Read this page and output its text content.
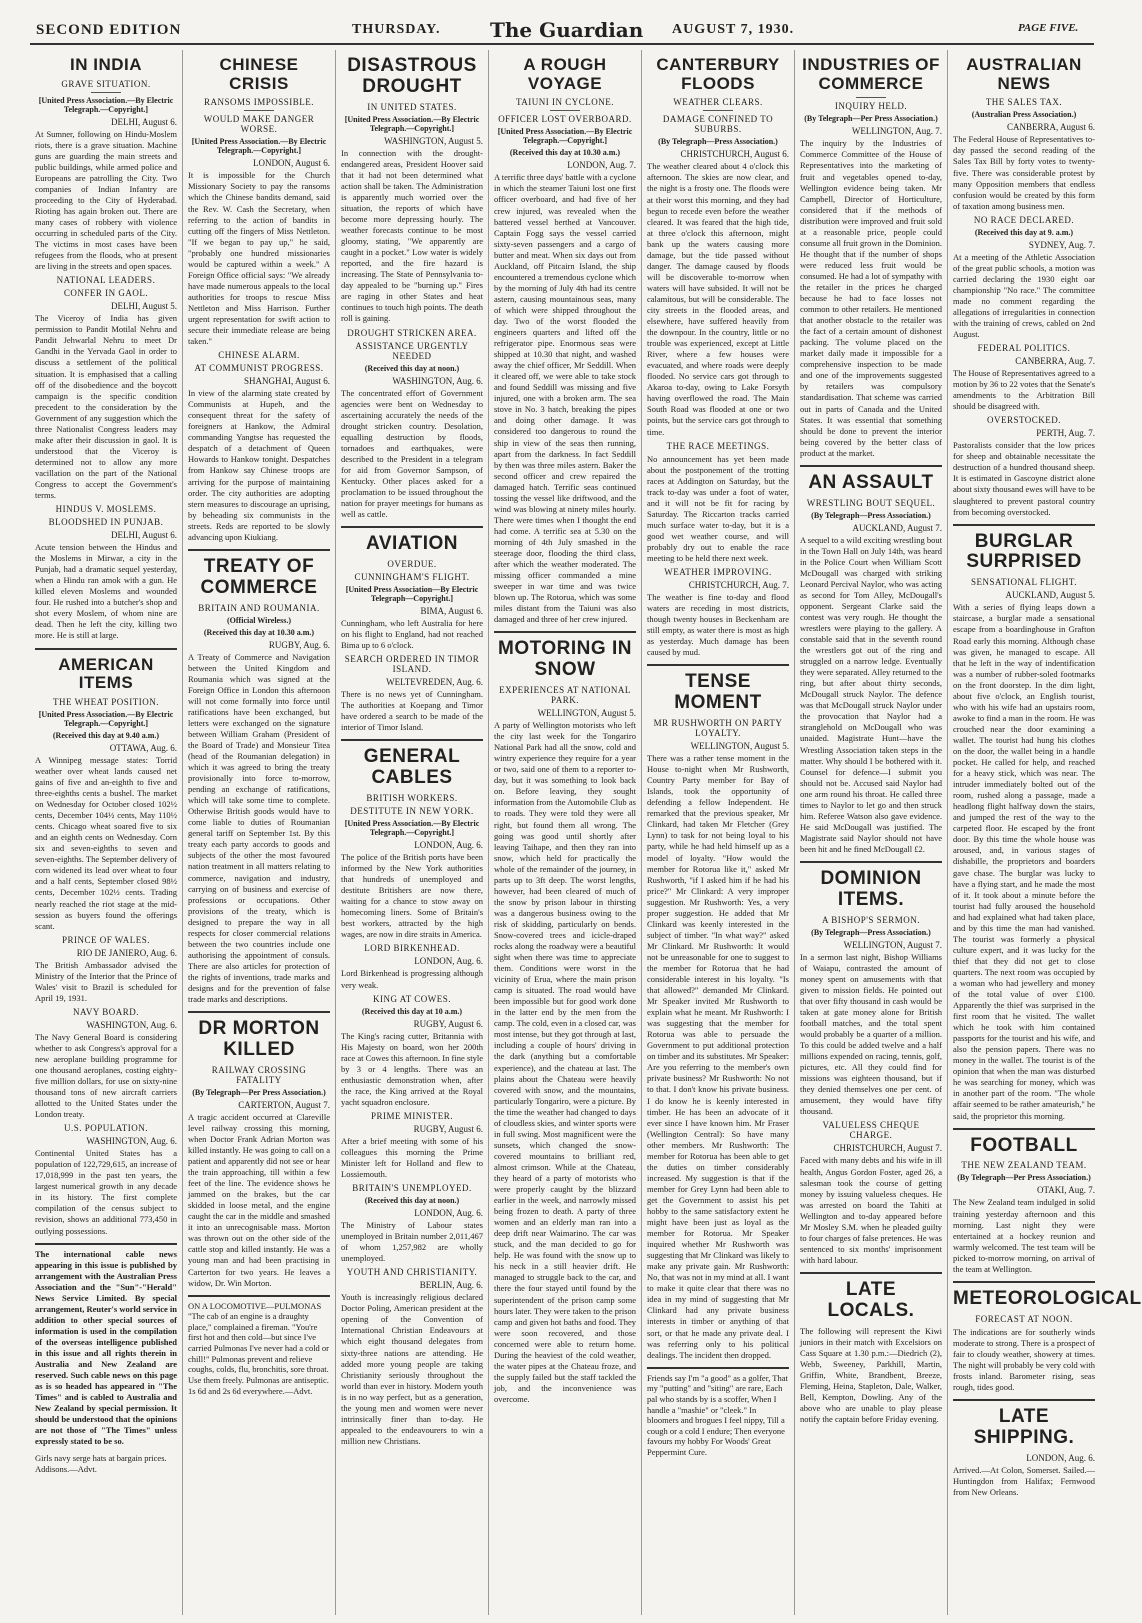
SECOND EDITION	THURSDAY. The Guardian AUGUST 7, 1930.	PAGE FIVE.
IN INDIA
GRAVE SITUATION.
[United Press Association.—By Electric Telegraph.—Copyright.]
DELHI, August 6.
At Sumner, following on Hindu-Moslem riots, there is a grave situation. Machine guns are guarding the main streets and public buildings, while armed police and Europeans are patrolling the City. Two companies of Indian Infantry are proceeding to the City of Hyderabad. Rioting has again broken out. There are many cases of robbery with violence occurring in scheduled parts of the City. The victims in most cases have been refugees from the floods, who at present are living in the streets and open spaces.
NATIONAL LEADERS.
CONFER IN GAOL.
DELHI, August 5.
The Viceroy of India has given permission to Pandit Motilal Nehru and Pandit Jehwarlal Nehru to meet Dr Gandhi in the Yervada Gaol in order to discuss a settlement of the political situation. It is emphasised that a calling off of the disobedience and the boycott campaign is the specific condition precedent to the consideration by the Government of any suggestion which the three Nationalist Congress leaders may make after their discussion in gaol. It is understood that the Viceroy is determined not to allow any more vacillation on the part of the National Congress to accept the Government's terms.
HINDUS V. MOSLEMS.
BLOODSHED IN PUNJAB.
DELHI, August 6.
Acute tension between the Hindus and the Moslems in Mirwar, a city in the Punjab, had a dramatic sequel yesterday, when a Hindu ran amok with a gun. He killed eleven Moslems and wounded four. He rushed into a butcher's shop and shot every Moslem, of whom nine are dead. Then he left the city, killing two more. He is still at large.
AMERICAN ITEMS
THE WHEAT POSITION.
[United Press Association.—By Electric Telegraph.—Copyright.]
(Received this day at 9.40 a.m.)
OTTAWA, Aug. 6.
A Winnipeg message states: Torrid weather over wheat lands caused net gains of five and an-eighth to five and three-eighths cents a bushel. The market on Wednesday for October closed 102½ cents, December 104½ cents, May 110½ cents. Chicago wheat soared five to six and an eighth cents on Wednesday. Corn six and seven-eighths to seven and seven-eighths. The September delivery of corn widened its lead over wheat to four and a half cents, September closed 98½ cents, December 102½ cents. Trading nearly reached the riot stage at the mid-session as buyers found the offerings scant.
PRINCE OF WALES.
RIO DE JANIERO, Aug. 6.
The British Ambassador advised the Ministry of the Interior that the Prince of Wales' visit to Brazil is scheduled for April 19, 1931.
NAVY BOARD.
WASHINGTON, Aug. 6.
The Navy General Board is considering whether to ask Congress's approval for a new aeroplane building programme for one thousand aeroplanes, costing eighty-five million dollars, for use on sixty-nine thousand tons of new aircraft carriers allotted to the United States under the London treaty.
U.S. POPULATION.
WASHINGTON, Aug. 6.
Continental United States has a population of 122,729,615, an increase of 17,018,999 in the past ten years, the largest numerical growth in any decade in its history. The first complete compilation of the census subject to revision, shows an additional 773,450 in outlying possessions.
The international cable news appearing in this issue is published by arrangement with the Australian Press Association and the "Sun"-"Herald" News Service Limited. By special arrangement, Reuter's world service in addition to other special sources of information is used in the compilation of the overseas intelligence published in this issue and all rights therein in Australia and New Zealand are reserved. Such cable news on this page as is so headed has appeared in "The Times" and is cabled to Australia and New Zealand by special permission. It should be understood that the opinions are not those of "The Times" unless expressly stated to be so.
Girls navy serge hats at bargain prices. Addisons.—Advt.
CHINESE CRISIS
RANSOMS IMPOSSIBLE.
WOULD MAKE DANGER WORSE.
[United Press Association.—By Electric Telegraph.—Copyright.]
LONDON, August 6.
It is impossible for the Church Missionary Society to pay the ransoms which the Chinese bandits demand, said the Rev. W. Cash the Secretary, when referring to the action of bandits in cutting off the fingers of Miss Nettleton. "If we began to pay up," he said, "probably one hundred missionaries would be captured within a week." A Foreign Office official says: "We already have made numerous appeals to the local authorities for troops to rescue Miss Nettleton and Miss Harrison. Further urgent representation for swift action to secure their immediate release are being taken."
CHINESE ALARM.
AT COMMUNIST PROGRESS.
SHANGHAI, August 6.
In view of the alarming state created by Communists at Hupeh, and the consequent threat for the safety of foreigners at Hankow, the Admiral commanding Yangtse has requested the despatch of a detachment of Queen Howards to Hankow tonight. Despatches from Hankow say Chinese troops are arriving for the purpose of maintaining order. The city authorities are adopting stern measures to discourage an uprising, by beheading six communists in the streets. Reds are reported to be slowly advancing upon Kiukiang.
TREATY OF COMMERCE
BRITAIN AND ROUMANIA.
(Official Wireless.)
(Received this day at 10.30 a.m.)
RUGBY, Aug. 6.
A Treaty of Commerce and Navigation between the United Kingdom and Roumania which was signed at the Foreign Office in London this afternoon will not come formally into force until ratifications have been exchanged, but letters were exchanged on the signature between William Graham (President of the Board of Trade) and Monsieur Titea (head of the Roumanian delegation) in which it was agreed to bring the treaty provisionally into force to-morrow, pending an exchange of ratifications, which will take some time to complete. Otherwise British goods would have to come liable to duties of Roumanian general tariff on September 1st. By this treaty each party accords to goods and subjects of the other the most favoured nation treatment in all matters relating to commerce, navigation and industry, carrying on of business and exercise of professions or occupations. Other provisions of the treaty, which is designed to prepare the way in all respects for closer commercial relations between the two countries include one authorising the appointment of consuls. There are also articles for protection of the rights of inventions, trade marks and designs and for the prevention of false trade marks and descriptions.
DR MORTON KILLED
RAILWAY CROSSING FATALITY
(By Telegraph—Per Press Association.)
CARTERTON, August 7.
A tragic accident occurred at Clareville level railway crossing this morning, when Doctor Frank Adrian Morton was killed instantly. He was going to call on a patient and apparently did not see or hear the train approaching, till within a few feet of the line. The evidence shows he jammed on the brakes, but the car skidded in loose metal, and the engine caught the car in the middle and smashed it into an unrecognisable mass. Morton was thrown out on the other side of the cattle stop and killed instantly. He was a young man and had been practising in Carterton for two years. He leaves a widow, Dr. Win Morton.
ON A LOCOMOTIVE—PULMONAS "The cab of an engine is a draughty place," complained a fireman. "You're first hot and then cold—but since I've carried Pulmonas I've never had a cold or chill!" Pulmonas prevent and relieve coughs, colds, flu, bronchitis, sore throat. Use them freely. Pulmonas are antiseptic. 1s 6d and 2s 6d everywhere.—Advt.
DISASTROUS DROUGHT
IN UNITED STATES.
[United Press Association.—By Electric Telegraph.—Copyright.]
WASHINGTON, August 5.
In connection with the drought-endangered areas, President Hoover said that it had not been determined what action shall be taken. The Administration is apparently much worried over the situation, the reports of which have become more depressing hourly. The weather forecasts continue to be most gloomy, stating, "We apparently are caught in a pocket." Low water is widely reported, and the fire hazard is increasing. The State of Pennsylvania to-day appealed to be "burning up." Fires are raging in other States and heat continues to touch high points. The death roll is gaining.
DROUGHT STRICKEN AREA.
ASSISTANCE URGENTLY NEEDED
(Received this day at noon.)
WASHINGTON, Aug. 6.
The concentrated effort of Government agencies were bent on Wednesday to ascertaining accurately the needs of the drought stricken country. Desolation, equalling destruction by floods, tornadoes and earthquakes, were described to the President in a telegram for aid from Governor Sampson, of Kentucky. Other places asked for a proclamation to be issued throughout the nation for prayer meetings for humans as well as cattle.
AVIATION
OVERDUE.
CUNNINGHAM'S FLIGHT.
[United Press Association—By Electric Telegraph—Copyright.]
BIMA, August 6.
Cunningham, who left Australia for here on his flight to England, had not reached Bima up to 6 o'clock.
SEARCH ORDERED IN TIMOR ISLAND.
WELTEVREDEN, Aug. 6.
There is no news yet of Cunningham. The authorities at Koepang and Timor have ordered a search to be made of the interior of Timor Island.
GENERAL CABLES
BRITISH WORKERS.
DESTITUTE IN NEW YORK.
[United Press Association.—By Electric Telegraph.—Copyright.]
LONDON, Aug. 6.
The police of the British ports have been informed by the New York authorities that hundreds of unemployed and destitute Britishers are now there, waiting for a chance to stow away on homecoming liners. Some of Britain's best workers, attracted by the high wages, are now in dire straits in America.
LORD BIRKENHEAD.
LONDON, Aug. 6.
Lord Birkenhead is progressing although very weak.
KING AT COWES.
(Received this day at 10 a.m.)
RUGBY, August 6.
The King's racing cutter, Britannia with His Majesty on board, won her 200th race at Cowes this afternoon. In fine style by 3 or 4 lengths. There was an enthusiastic demonstration when, after the race, the King arrived at the Royal yacht squadron enclosure.
PRIME MINISTER.
RUGBY, August 6.
After a brief meeting with some of his colleagues this morning the Prime Minister left for Holland and flew to Lossiemouth.
BRITAIN'S UNEMPLOYED.
(Received this day at noon.)
LONDON, Aug. 6.
The Ministry of Labour states unemployed in Britain number 2,011,467 of whom 1,257,982 are wholly unemployed.
YOUTH AND CHRISTIANITY.
BERLIN, Aug. 6.
Youth is increasingly religious declared Doctor Poling, American president at the opening of the Convention of International Christian Endeavours at which eight thousand delegates from sixty-three nations are attending. He added more young people are taking Christianity seriously throughout the world than ever in history. Modern youth is in no way perfect, but as a generation, the young men and women were never intrinsically finer than to-day. He appealed to the endeavourers to win a million new Christians.
A ROUGH VOYAGE
TAIUNI IN CYCLONE.
OFFICER LOST OVERBOARD.
[United Press Association.—By Electric Telegraph.—Copyright.]
(Received this day at 10.30 a.m.)
LONDON, Aug. 7.
A terrific three days' battle with a cyclone in which the steamer Taiuni lost one first officer overboard, and had five of her crew injured, was revealed when the battered vessel berthed at Vancouver. Captain Fogg says the vessel carried sixty-seven passengers and a cargo of butter and meat. When six days out from Auckland, off Pitcairn Island, the ship encountered a tremendous cyclone which by the morning of July 4th had its centre astern, causing mountainous seas, many of which were shipped throughout the day. Two of the worst flooded the engineers quarters and lifted off the refrigerator pipe. Enormous seas were shipped at 10.30 that night, and washed away the chief officer, Mr Seddill. When it cleared off, we were able to take stock and found Seddill was missing and five injured, one with a broken arm. The sea stove in No. 3 hatch, breaking the pipes and doing other damage. It was considered too dangerous to round the ship in view of the seas then running, apart from the darkness. In fact Seddill by then was three miles astern. Baker the second officer and crew repaired the damaged hatch. Terrific seas continued tossing the vessel like driftwood, and the wind was blowing at ninety miles hourly. There were times when I thought the end had come. A terrific sea at 5.30 on the morning of 4th July smashed in the steerage door, flooding the third class, after which the weather moderated. The missing officer commanded a mine sweeper in war time and was twice blown up. The Rotorua, which was some miles distant from the Taiuni was also damaged and three of her crew injured.
MOTORING IN SNOW
EXPERIENCES AT NATIONAL PARK.
WELLINGTON, August 5.
A party of Wellington motorists who left the city last week for the Tongariro National Park had all the snow, cold and wintry experience they require for a year or two, said one of them to a reporter to-day, but it was something to look back on. Before leaving, they sought information from the Automobile Club as to roads. They were told they were all right, but found them all wrong. The going was good until shortly after leaving Taihape, and then they ran into snow, which held for practically the whole of the remainder of the journey, in parts up to 3ft deep. The worst lengths, however, had been cleared of much of the snow by prison labour in thirsting was a dangerous business owing to the risk of skidding, particularly on bends. Snow-covered trees and icicle-draped rocks along the roadway were a beautiful sight when there was time to appreciate them. Conditions were worst in the vicinity of Erua, where the main prison camp is situated. The road would have been impossible but for good work done in the latter end by the men from the camp. The cold, even in a closed car, was most intense, but they got through at last, including a couple of hours' driving in the dark (anything but a comfortable experience), and the chateau at last. The plains about the Chateau were heavily covered with snow, and the mountains, particularly Tongariro, were a picture. By the time the weather had changed to days of cloudless skies, and winter sports were in full swing. Most magnificent were the sunsets, which changed the snow-covered mountains to brilliant red, almost crimson. While at the Chateau, they heard of a party of motorists who were properly caught by the blizzard earlier in the week, and narrowly missed being frozen to death. A party of three women and an elderly man ran into a deep drift near Waimarino. The car was stuck, and the man decided to go for help. He was found with the snow up to his neck in a still heavier drift. He managed to struggle back to the car, and there the four stayed until found by the superintendent of the prison camp some hours later. They were taken to the prison camp and given hot baths and food. They were soon recovered, and those concerned were able to return home. During the heaviest of the cold weather, the water pipes at the Chateau froze, and the supply failed but the staff tackled the job, and the inconvenience was overcome.
CANTERBURY FLOODS
WEATHER CLEARS.
DAMAGE CONFINED TO SUBURBS.
(By Telegraph—Press Association.)
CHRISTCHURCH, August 6.
The weather cleared about 4 o'clock this afternoon. The skies are now clear, and the night is a frosty one. The floods were at their worst this morning, and they had begun to recede even before the weather cleared. It was feared that the high tide, at three o'clock this afternoon, might bank up the waters causing more damage, but the tide passed without danger. The damage caused by floods will be discoverable to-morrow when waters will have subsided. It will not be calamitous, but will be considerable. The city streets in the flooded areas, and elsewhere, have suffered heavily from the downpour. In the country, little or no trouble was experienced, except at Little River, where a few houses were evacuated, and where roads were deeply flooded. No service cars got through to Akaroa to-day, owing to Lake Forsyth having overflowed the road. The Main South Road was flooded at one or two points, but the service cars got through to time.
THE RACE MEETINGS.
No announcement has yet been made about the postponement of the trotting races at Addington on Saturday, but the track to-day was under a foot of water, and it will not be fit for racing by Saturday. The Riccarton tracks carried much surface water to-day, but it is a good wet weather course, and will probably dry out to enable the race meeting to be held there next week.
WEATHER IMPROVING.
CHRISTCHURCH, Aug. 7.
The weather is fine to-day and flood waters are receding in most districts, though twenty houses in Beckenham are still empty, as water there is most as high as yesterday. Much damage has been caused by mud.
TENSE MOMENT
MR RUSHWORTH ON PARTY LOYALTY.
WELLINGTON, August 5.
There was a rather tense moment in the House to-night when Mr Rushworth, Country Party member for Bay of Islands, took the opportunity of defending a fellow Independent. He remarked that the previous speaker, Mr Clinkard, had taken Mr Fletcher (Grey Lynn) to task for not being loyal to his party, while he had held himself up as a model of loyalty. "How would the member for Rotorua like it," asked Mr Rushworth, "if I asked him if he had his price?" Mr Clinkard: A very improper suggestion. Mr Rushworth: Yes, a very proper suggestion. He added that Mr Clinkard was keenly interested in the subject of timber. "In what way?" asked Mr Clinkard. Mr Rushworth: It would not be unreasonable for one to suggest to the member for Rotorua that he had considerable interest in his loyalty. "Is that allowed?" demanded Mr Clinkard. Mr Speaker invited Mr Rushworth to explain what he meant. Mr Rushworth: I was suggesting that the member for Rotorua was able to persuade the Government to put additional protection on timber and its substitutes. Mr Speaker: Are you referring to the member's own private business? Mr Rushworth: No not to that. I don't know his private business. I do know he is keenly interested in timber. He has been an advocate of it ever since I have known him. Mr Fraser (Wellington Central): So have many other members. Mr Rushworth: The member for Rotorua has been able to get the duties on timber considerably increased. My suggestion is that if the member for Grey Lynn had been able to get the Government to assist his pet hobby to the same satisfactory extent he might have been just as loyal as the member for Rotorua. Mr Speaker inquired whether Mr Rushworth was suggesting that Mr Clinkard was likely to make any private gain. Mr Rushworth: No, that was not in my mind at all. I want to make it quite clear that there was no idea in my mind of suggesting that Mr Clinkard had any private business interests in timber or anything of that sort, or that he made any private deal. I was referring only to his political dealings. The incident then dropped.
Friends say I'm "a good" as a golfer, That my "putting" and "siting" are rare, Each pal who stands by is a scoffer, When I handle a "mashie" or "cleek." In bloomers and brogues I feel nippy, Till a cough or a cold I endure; Then everyone favours my hobby For Woods' Great Peppermint Cure.
INDUSTRIES OF COMMERCE
INQUIRY HELD.
(By Telegraph—Per Press Association.)
WELLINGTON, Aug. 7.
The inquiry by the Industries of Commerce Committee of the House of Representatives into the marketing of fruit and vegetables opened to-day, Wellington evidence being taken. Mr Campbell, Director of Horticulture, considered that if the methods of distribution were improved and fruit sold at a reasonable price, people could consume all fruit grown in the Dominion. He thought that if the number of shops were reduced less fruit would be consumed. He had a lot of sympathy with the retailer in the prices he charged because he had to face losses not common to other retailers. He mentioned that another obstacle to the retailer was the fact of a certain amount of dishonest packing. The volume placed on the market daily made it impossible for a comprehensive inspection to be made and one of the improvements suggested by retailers was compulsory standardisation. That scheme was carried out in parts of Canada and the United States. It was essential that something should be done to prevent the interior being covered by the better class of product at the market.
AN ASSAULT
WRESTLING BOUT SEQUEL.
(By Telegraph—Press Association.)
AUCKLAND, August 7.
A sequel to a wild exciting wrestling bout in the Town Hall on July 14th, was heard in the Police Court when William Scott McDougall was charged with striking Leonard Percival Naylor, who was acting as second for Tom Alley, McDougall's opponent. Sergeant Clarke said the contest was very rough. He thought the wrestlers were playing to the gallery. A constable said that in the seventh round the wrestlers got out of the ring and struggled on a narrow ledge. Eventually they were separated. Alley returned to the ring, but after about thirty seconds, McDougall struck Naylor. The defence was that McDougall struck Naylor under the provocation that Naylor had a stranglehold on McDougall who was unaided. Magistrate Hunt—have the Wrestling Association taken steps in the matter. Why should I be bothered with it. Counsel for defence—I submit you should not be. Accused said Naylor had one arm round his throat. He called three times to Naylor to let go and then struck him. Referee Watson also gave evidence. He said McDougall was justified. The Magistrate said Naylor should not have been hit and he fined McDougall £2.
DOMINION ITEMS.
A BISHOP'S SERMON.
(By Telegraph—Press Association.)
WELLINGTON, August 7.
In a sermon last night, Bishop Williams of Waiapu, contrasted the amount of money spent on amusements with that given to mission fields. He pointed out that over fifty thousand in cash would be taken at gate money alone for British football matches, and the total spent would probably be a quarter of a million. To this could be added twelve and a half millions expended on racing, tennis, golf, pictures, etc. All they could find for missions was eighteen thousand, but if they denied themselves one per cent. of amusement, they would have fifty thousand.
VALUELESS CHEQUE CHARGE.
CHRISTCHURCH, August 7.
Faced with many debts and his wife in ill health, Angus Gordon Foster, aged 26, a salesman took the course of getting money by issuing valueless cheques. He was arrested on board the Tahiti at Wellington and to-day appeared before Mr Mosley S.M. when he pleaded guilty to four charges of false pretences. He was sentenced to six months' imprisonment with hard labour.
LATE LOCALS.
The following will represent the Kiwi juniors in their match with Excelsiors on Cass Square at 1.30 p.m.:—Diedrich (2), Webb, Sweeney, Parkhill, Martin, Griffin, White, Brandbent, Breeze, Fleming, Heina, Stapleton, Dale, Walker, Bell, Kempton, Dowling. Any of the above who are unable to play please notify the captain before Friday evening.
AUSTRALIAN NEWS
THE SALES TAX.
(Australian Press Association.)
CANBERRA, August 6.
The Federal House of Representatives to-day passed the second reading of the Sales Tax Bill by forty votes to twenty-five. There was considerable protest by many Opposition members that endless confusion would be created by this form of taxation among business men.
NO RACE DECLARED.
(Received this day at 9. a.m.)
SYDNEY, Aug. 7.
At a meeting of the Athletic Association of the great public schools, a motion was carried declaring the 1930 eight oar championship "No race." The committee made no comment regarding the allegations of irregularities in connection with the training of crews, cabled on 2nd August.
FEDERAL POLITICS.
CANBERRA, Aug. 7.
The House of Representatives agreed to a motion by 36 to 22 votes that the Senate's amendments to the Arbitration Bill should be disagreed with.
OVERSTOCKED.
PERTH, Aug. 7.
Pastoralists consider that the low prices for sheep and obtainable necessitate the destruction of a hundred thousand sheep. It is estimated in Gascoyne district alone about sixty thousand ewes will have to be slaughtered to prevent pastoral country from becoming overstocked.
BURGLAR SURPRISED
SENSATIONAL FLIGHT.
AUCKLAND, August 5.
With a series of flying leaps down a staircase, a burglar made a sensational escape from a boardinghouse in Grafton Road early this morning. Although chase was given, he managed to escape. All that he left in the way of indentification was a number of rubber-soled footmarks on the front doorstep. In the dim light, about five o'clock, an English tourist, who with his wife had an upstairs room, awoke to find a man in the room. He was crouched near the door examining a wallet. The tourist had hung his clothes on the door, the wallet being in a handle pocket. He called for help, and reached for a heavy stick, which was near. The intruder immediately bolted out of the room, rushed along a passage, made a headlong flight halfway down the stairs, and jumped the rest of the way to the carpeted floor. He escaped by the front door. By this time the whole house was aroused, and, in various stages of dishabille, the proprietors and boarders gave chase. The burglar was lucky to have a flying start, and he made the most of it. It took about a minute before the tourist had fully aroused the household and had explained what had taken place, and by this time the man had vanished. The tourist was formerly a physical culture expert, and it was lucky for the thief that they did not get to close quarters. The next room was occupied by a woman who had jewellery and money of the total value of over £100. Apparently the thief was surprised in the first room that he visited. The wallet which he took with him contained passports for the tourist and his wife, and also the pension papers. There was no money in the wallet. The tourist is of the opinion that when the man was disturbed he was searching for money, which was in another part of the room. "The whole affair seemed to be rather amateurish," he said, the proprietor this morning.
FOOTBALL
THE NEW ZEALAND TEAM.
(By Telegraph—Per Press Association.)
OTAKI, Aug. 7.
The New Zealand team indulged in solid training yesterday afternoon and this morning. Last night they were entertained at a hockey reunion and warmly welcomed. The test team will be picked to-morrow morning, on arrival of the team at Wellington.
METEOROLOGICAL
FORECAST AT NOON.
The indications are for southerly winds moderate to strong. There is a prospect of fair to cloudy weather, showery at times. The night will probably be very cold with frosts inland. Barometer rising, seas rough, tides good.
LATE SHIPPING.
LONDON, Aug. 6.
Arrived.—At Colon, Somerset. Sailed.—Huntingdon from Halifax; Fernwood from New Orleans.
